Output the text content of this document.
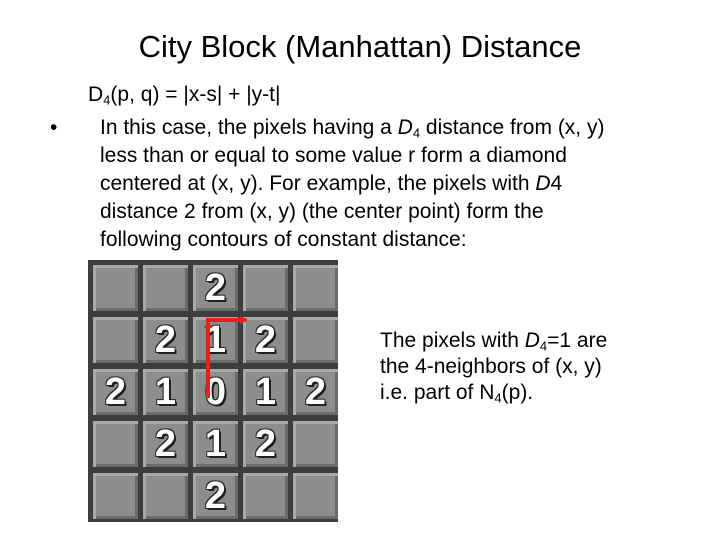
City Block (Manhattan) Distance
$D_4(p$, q) = |x-s| + |y-t|
• In this case, the pixels having a $D_4$ distance from (x, y)
less than or equal to some value r form a diamond
centered at (x, y). For example, the pixels with D4
distance 2 from (x, y) (the center point) form the
following contours of constant distance:
2
2 1 2
2 1 0 1 2
2 1 2
2
The pixels with $D_4=1$ are
the 4-neighbors of (x, y)
i.e. part of $N_4(p)$.
